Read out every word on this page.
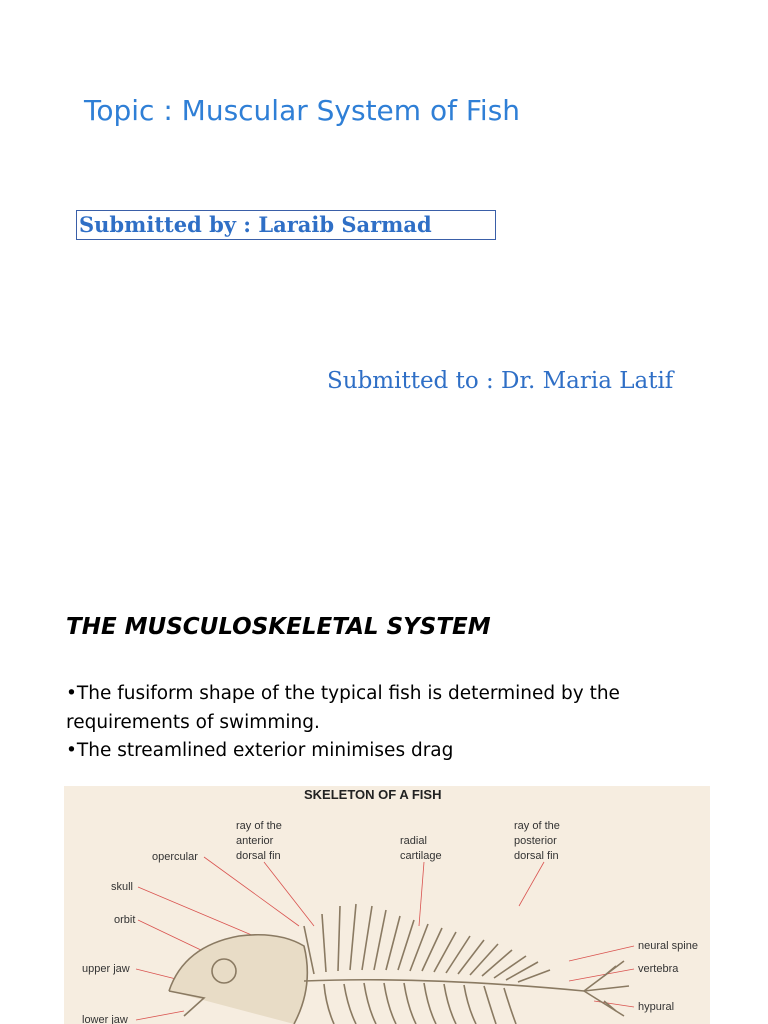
Topic : Muscular System of Fish
Submitted by : Laraib Sarmad
Submitted to : Dr. Maria Latif
THE MUSCULOSKELETAL SYSTEM
•The fusiform shape of the typical fish is determined by the requirements of swimming.
•The streamlined exterior minimises drag
SKELETON OF A FISH
ray of the
anterior
dorsal fin
radial
cartilage
ray of the
posterior
dorsal fin
opercular
skull
orbit
upper jaw
lower jaw
neural spine
vertebra
hypural
